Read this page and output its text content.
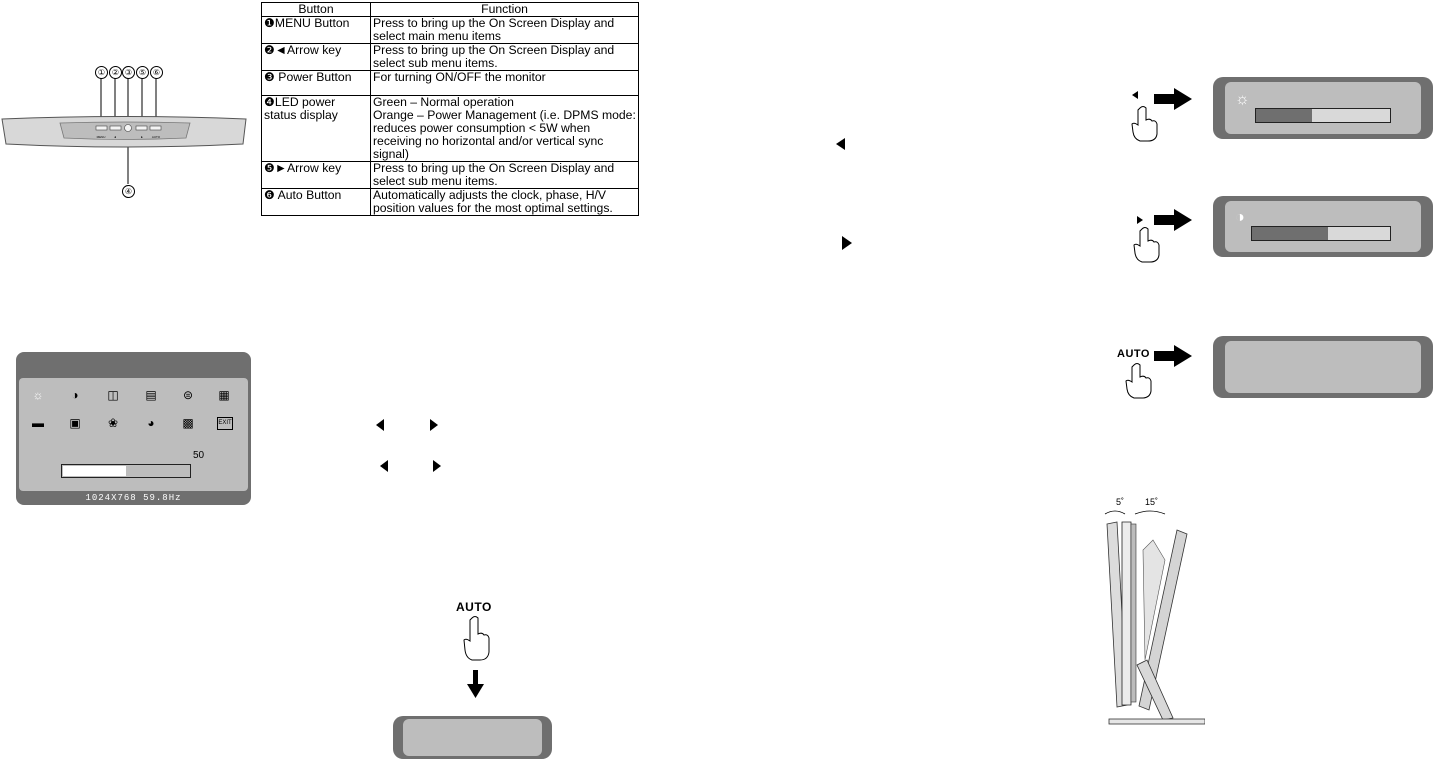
MENU	◄	►	AUTO
① ② ③ ⑤ ⑥
④
Button	Function
❶MENU Button	Press to bring up the On Screen Display and select main menu items
❷◄Arrow key	Press to bring up the On Screen Display and select sub menu items.
❸ Power Button	For turning ON/OFF the monitor
❹LED power status display	Green – Normal operation
Orange – Power Management (i.e. DPMS mode: reduces power consumption < 5W when receiving no horizontal and/or vertical sync signal)
❺►Arrow key	Press to bring up the On Screen Display and select sub menu items.
❻ Auto Button	Automatically adjusts the clock, phase, H/V position values for the most optimal settings.
☼ ◑ ◫ ▤ ⊜ ▦
▬ ▣ ❀ ◕ ▩	EXIT
50
1024X768 59.8Hz
AUTO
☼
◑
AUTO
5˚ 15˚
